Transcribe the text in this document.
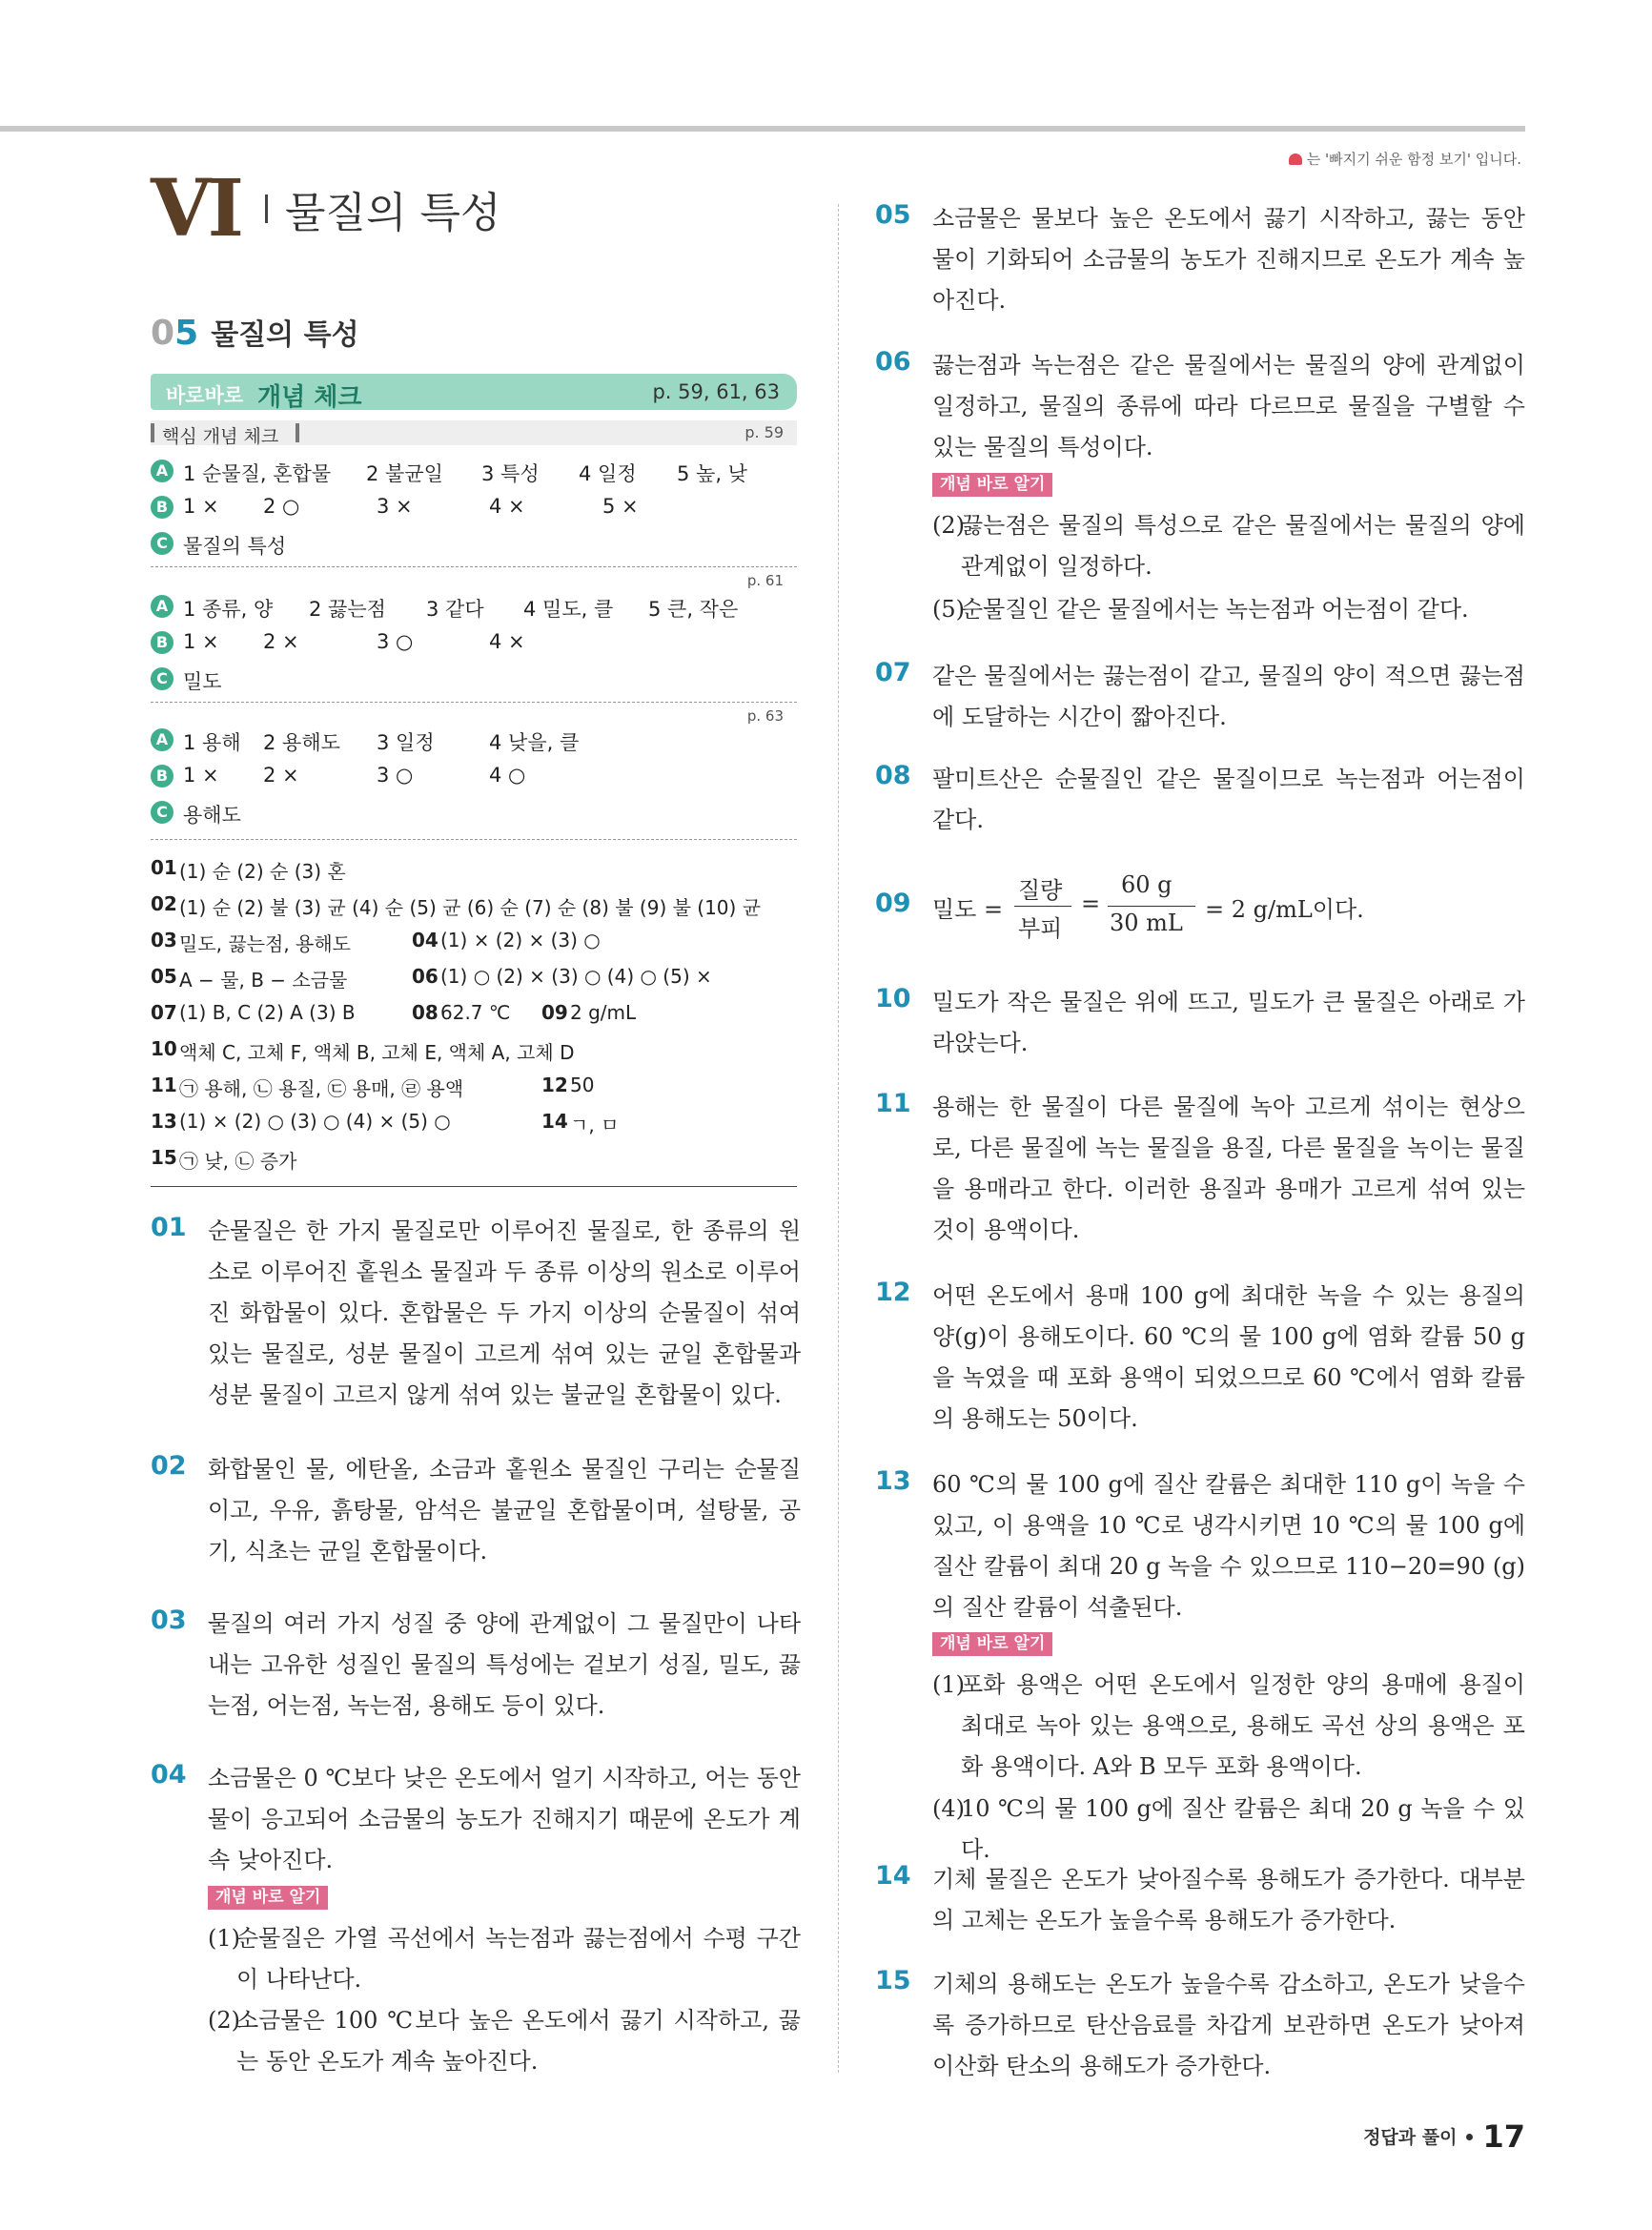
는 '빠지기 쉬운 함정 보기' 입니다.
VI 물질의 특성
05 물질의 특성
바로바로 개념 체크	p. 59, 61, 63
핵심 개념 체크	p. 59
A 1 순물질, 혼합물 2 불균일 3 특성 4 일정 5 높, 낮
B 1 × 2 ○	3 ×	4 ×	5 ×
C 물질의 특성
p. 61
A 1 종류, 양 2 끓는점 3 같다 4 밀도, 클 5 큰, 작은
B 1 × 2 ×	3 ○	4 ×
C 밀도
p. 63
A 1 용해 2 용해도 3 일정	4 낮을, 클
B 1 × 2 ×	3 ○	4 ○
C 용해도
01 (1) 순 (2) 순 (3) 혼
02 (1) 순 (2) 불 (3) 균 (4) 순 (5) 균 (6) 순 (7) 순 (8) 불 (9) 불 (10) 균
03 밀도, 끓는점, 용해도	04 (1) × (2) × (3) ○
05 A − 물, B − 소금물	06 (1) ○ (2) × (3) ○ (4) ○ (5) ×
07 (1) B, C (2) A (3) B	08 62.7 ℃ 09 2 g/mL
10 액체 C, 고체 F, 액체 B, 고체 E, 액체 A, 고체 D
11 ㉠ 용해, ㉡ 용질, ㉢ 용매, ㉣ 용액	12 50
13 (1) × (2) ○ (3) ○ (4) × (5) ○	14 ㄱ, ㅁ
15 ㉠ 낮, ㉡ 증가
01 순물질은 한 가지 물질로만 이루어진 물질로, 한 종류의 원소로 이루어진 홑원소 물질과 두 종류 이상의 원소로 이루어진 화합물이 있다. 혼합물은 두 가지 이상의 순물질이 섞여 있는 물질로, 성분 물질이 고르게 섞여 있는 균일 혼합물과 성분 물질이 고르지 않게 섞여 있는 불균일 혼합물이 있다.
02 화합물인 물, 에탄올, 소금과 홑원소 물질인 구리는 순물질이고, 우유, 흙탕물, 암석은 불균일 혼합물이며, 설탕물, 공기, 식초는 균일 혼합물이다.
03 물질의 여러 가지 성질 중 양에 관계없이 그 물질만이 나타내는 고유한 성질인 물질의 특성에는 겉보기 성질, 밀도, 끓는점, 어는점, 녹는점, 용해도 등이 있다.
04 소금물은 0 ℃보다 낮은 온도에서 얼기 시작하고, 어는 동안 물이 응고되어 소금물의 농도가 진해지기 때문에 온도가 계속 낮아진다.
개념 바로 알기
(1)
순물질은 가열 곡선에서 녹는점과 끓는점에서 수평 구간이 나타난다.
(2)
소금물은 100 ℃보다 높은 온도에서 끓기 시작하고, 끓는 동안 온도가 계속 높아진다.
05 소금물은 물보다 높은 온도에서 끓기 시작하고, 끓는 동안 물이 기화되어 소금물의 농도가 진해지므로 온도가 계속 높아진다.
06 끓는점과 녹는점은 같은 물질에서는 물질의 양에 관계없이 일정하고, 물질의 종류에 따라 다르므로 물질을 구별할 수 있는 물질의 특성이다.
개념 바로 알기
(2)
끓는점은 물질의 특성으로 같은 물질에서는 물질의 양에 관계없이 일정하다.
(5)
순물질인 같은 물질에서는 녹는점과 어는점이 같다.
07 같은 물질에서는 끓는점이 같고, 물질의 양이 적으면 끓는점에 도달하는 시간이 짧아진다.
08 팔미트산은 순물질인 같은 물질이므로 녹는점과 어는점이 같다.
09 밀도 =
질량
부피
=
60 g
30 mL = 2 g/mL이다.
10 밀도가 작은 물질은 위에 뜨고, 밀도가 큰 물질은 아래로 가라앉는다.
11 용해는 한 물질이 다른 물질에 녹아 고르게 섞이는 현상으로, 다른 물질에 녹는 물질을 용질, 다른 물질을 녹이는 물질을 용매라고 한다. 이러한 용질과 용매가 고르게 섞여 있는 것이 용액이다.
12 어떤 온도에서 용매 100 g에 최대한 녹을 수 있는 용질의 양(g)이 용해도이다. 60 ℃의 물 100 g에 염화 칼륨 50 g을 녹였을 때 포화 용액이 되었으므로 60 ℃에서 염화 칼륨의 용해도는 50이다.
13 60 ℃의 물 100 g에 질산 칼륨은 최대한 110 g이 녹을 수 있고, 이 용액을 10 ℃로 냉각시키면 10 ℃의 물 100 g에 질산 칼륨이 최대 20 g 녹을 수 있으므로 110−20=90 (g)의 질산 칼륨이 석출된다.
개념 바로 알기
(1)
포화 용액은 어떤 온도에서 일정한 양의 용매에 용질이 최대로 녹아 있는 용액으로, 용해도 곡선 상의 용액은 포화 용액이다. A와 B 모두 포화 용액이다.
(4)
10 ℃의 물 100 g에 질산 칼륨은 최대 20 g 녹을 수 있다.
14 기체 물질은 온도가 낮아질수록 용해도가 증가한다. 대부분의 고체는 온도가 높을수록 용해도가 증가한다.
15 기체의 용해도는 온도가 높을수록 감소하고, 온도가 낮을수록 증가하므로 탄산음료를 차갑게 보관하면 온도가 낮아져 이산화 탄소의 용해도가 증가한다.
정답과 풀이 17
